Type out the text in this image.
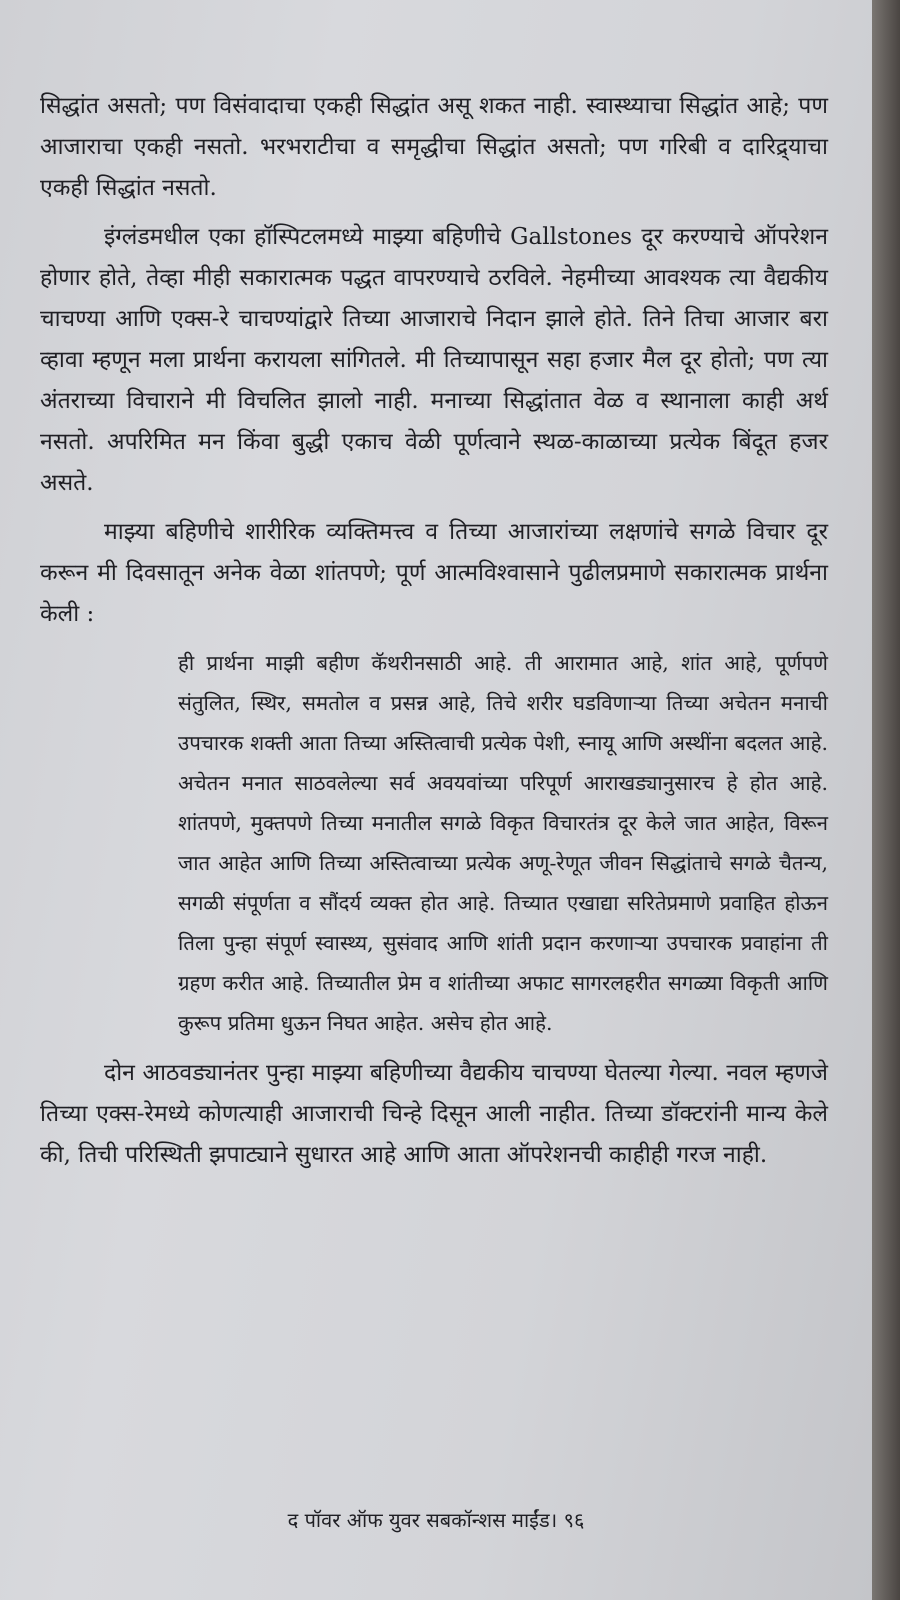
सिद्धांत असतो; पण विसंवादाचा एकही सिद्धांत असू शकत नाही. स्वास्थ्याचा सिद्धांत आहे; पण आजाराचा एकही नसतो. भरभराटीचा व समृद्धीचा सिद्धांत असतो; पण गरिबी व दारिद्र्याचा एकही सिद्धांत नसतो.

इंग्लंडमधील एका हॉस्पिटलमध्ये माझ्या बहिणीचे Gallstones दूर करण्याचे ऑपरेशन होणार होते, तेव्हा मीही सकारात्मक पद्धत वापरण्याचे ठरविले. नेहमीच्या आवश्यक त्या वैद्यकीय चाचण्या आणि एक्स-रे चाचण्यांद्वारे तिच्या आजाराचे निदान झाले होते. तिने तिचा आजार बरा व्हावा म्हणून मला प्रार्थना करायला सांगितले. मी तिच्यापासून सहा हजार मैल दूर होतो; पण त्या अंतराच्या विचाराने मी विचलित झालो नाही. मनाच्या सिद्धांतात वेळ व स्थानाला काही अर्थ नसतो. अपरिमित मन किंवा बुद्धी एकाच वेळी पूर्णत्वाने स्थळ-काळाच्या प्रत्येक बिंदूत हजर असते.

माझ्या बहिणीचे शारीरिक व्यक्तिमत्त्व व तिच्या आजारांच्या लक्षणांचे सगळे विचार दूर करून मी दिवसातून अनेक वेळा शांतपणे; पूर्ण आत्मविश्वासाने पुढीलप्रमाणे सकारात्मक प्रार्थना केली :

ही प्रार्थना माझी बहीण कॅथरीनसाठी आहे. ती आरामात आहे, शांत आहे, पूर्णपणे संतुलित, स्थिर, समतोल व प्रसन्न आहे, तिचे शरीर घडविणाऱ्या तिच्या अचेतन मनाची उपचारक शक्ती आता तिच्या अस्तित्वाची प्रत्येक पेशी, स्नायू आणि अस्थींना बदलत आहे. अचेतन मनात साठवलेल्या सर्व अवयवांच्या परिपूर्ण आराखड्यानुसारच हे होत आहे. शांतपणे, मुक्तपणे तिच्या मनातील सगळे विकृत विचारतंत्र दूर केले जात आहेत, विरून जात आहेत आणि तिच्या अस्तित्वाच्या प्रत्येक अणू-रेणूत जीवन सिद्धांताचे सगळे चैतन्य, सगळी संपूर्णता व सौंदर्य व्यक्त होत आहे. तिच्यात एखाद्या सरितेप्रमाणे प्रवाहित होऊन तिला पुन्हा संपूर्ण स्वास्थ्य, सुसंवाद आणि शांती प्रदान करणाऱ्या उपचारक प्रवाहांना ती ग्रहण करीत आहे. तिच्यातील प्रेम व शांतीच्या अफाट सागरलहरीत सगळ्या विकृती आणि कुरूप प्रतिमा धुऊन निघत आहेत. असेच होत आहे.

दोन आठवड्यानंतर पुन्हा माझ्या बहिणीच्या वैद्यकीय चाचण्या घेतल्या गेल्या. नवल म्हणजे तिच्या एक्स-रेमध्ये कोणत्याही आजाराची चिन्हे दिसून आली नाहीत. तिच्या डॉक्टरांनी मान्य केले की, तिची परिस्थिती झपाट्याने सुधारत आहे आणि आता ऑपरेशनची काहीही गरज नाही.

द पॉवर ऑफ युवर सबकॉन्शस माईंड। ९६
